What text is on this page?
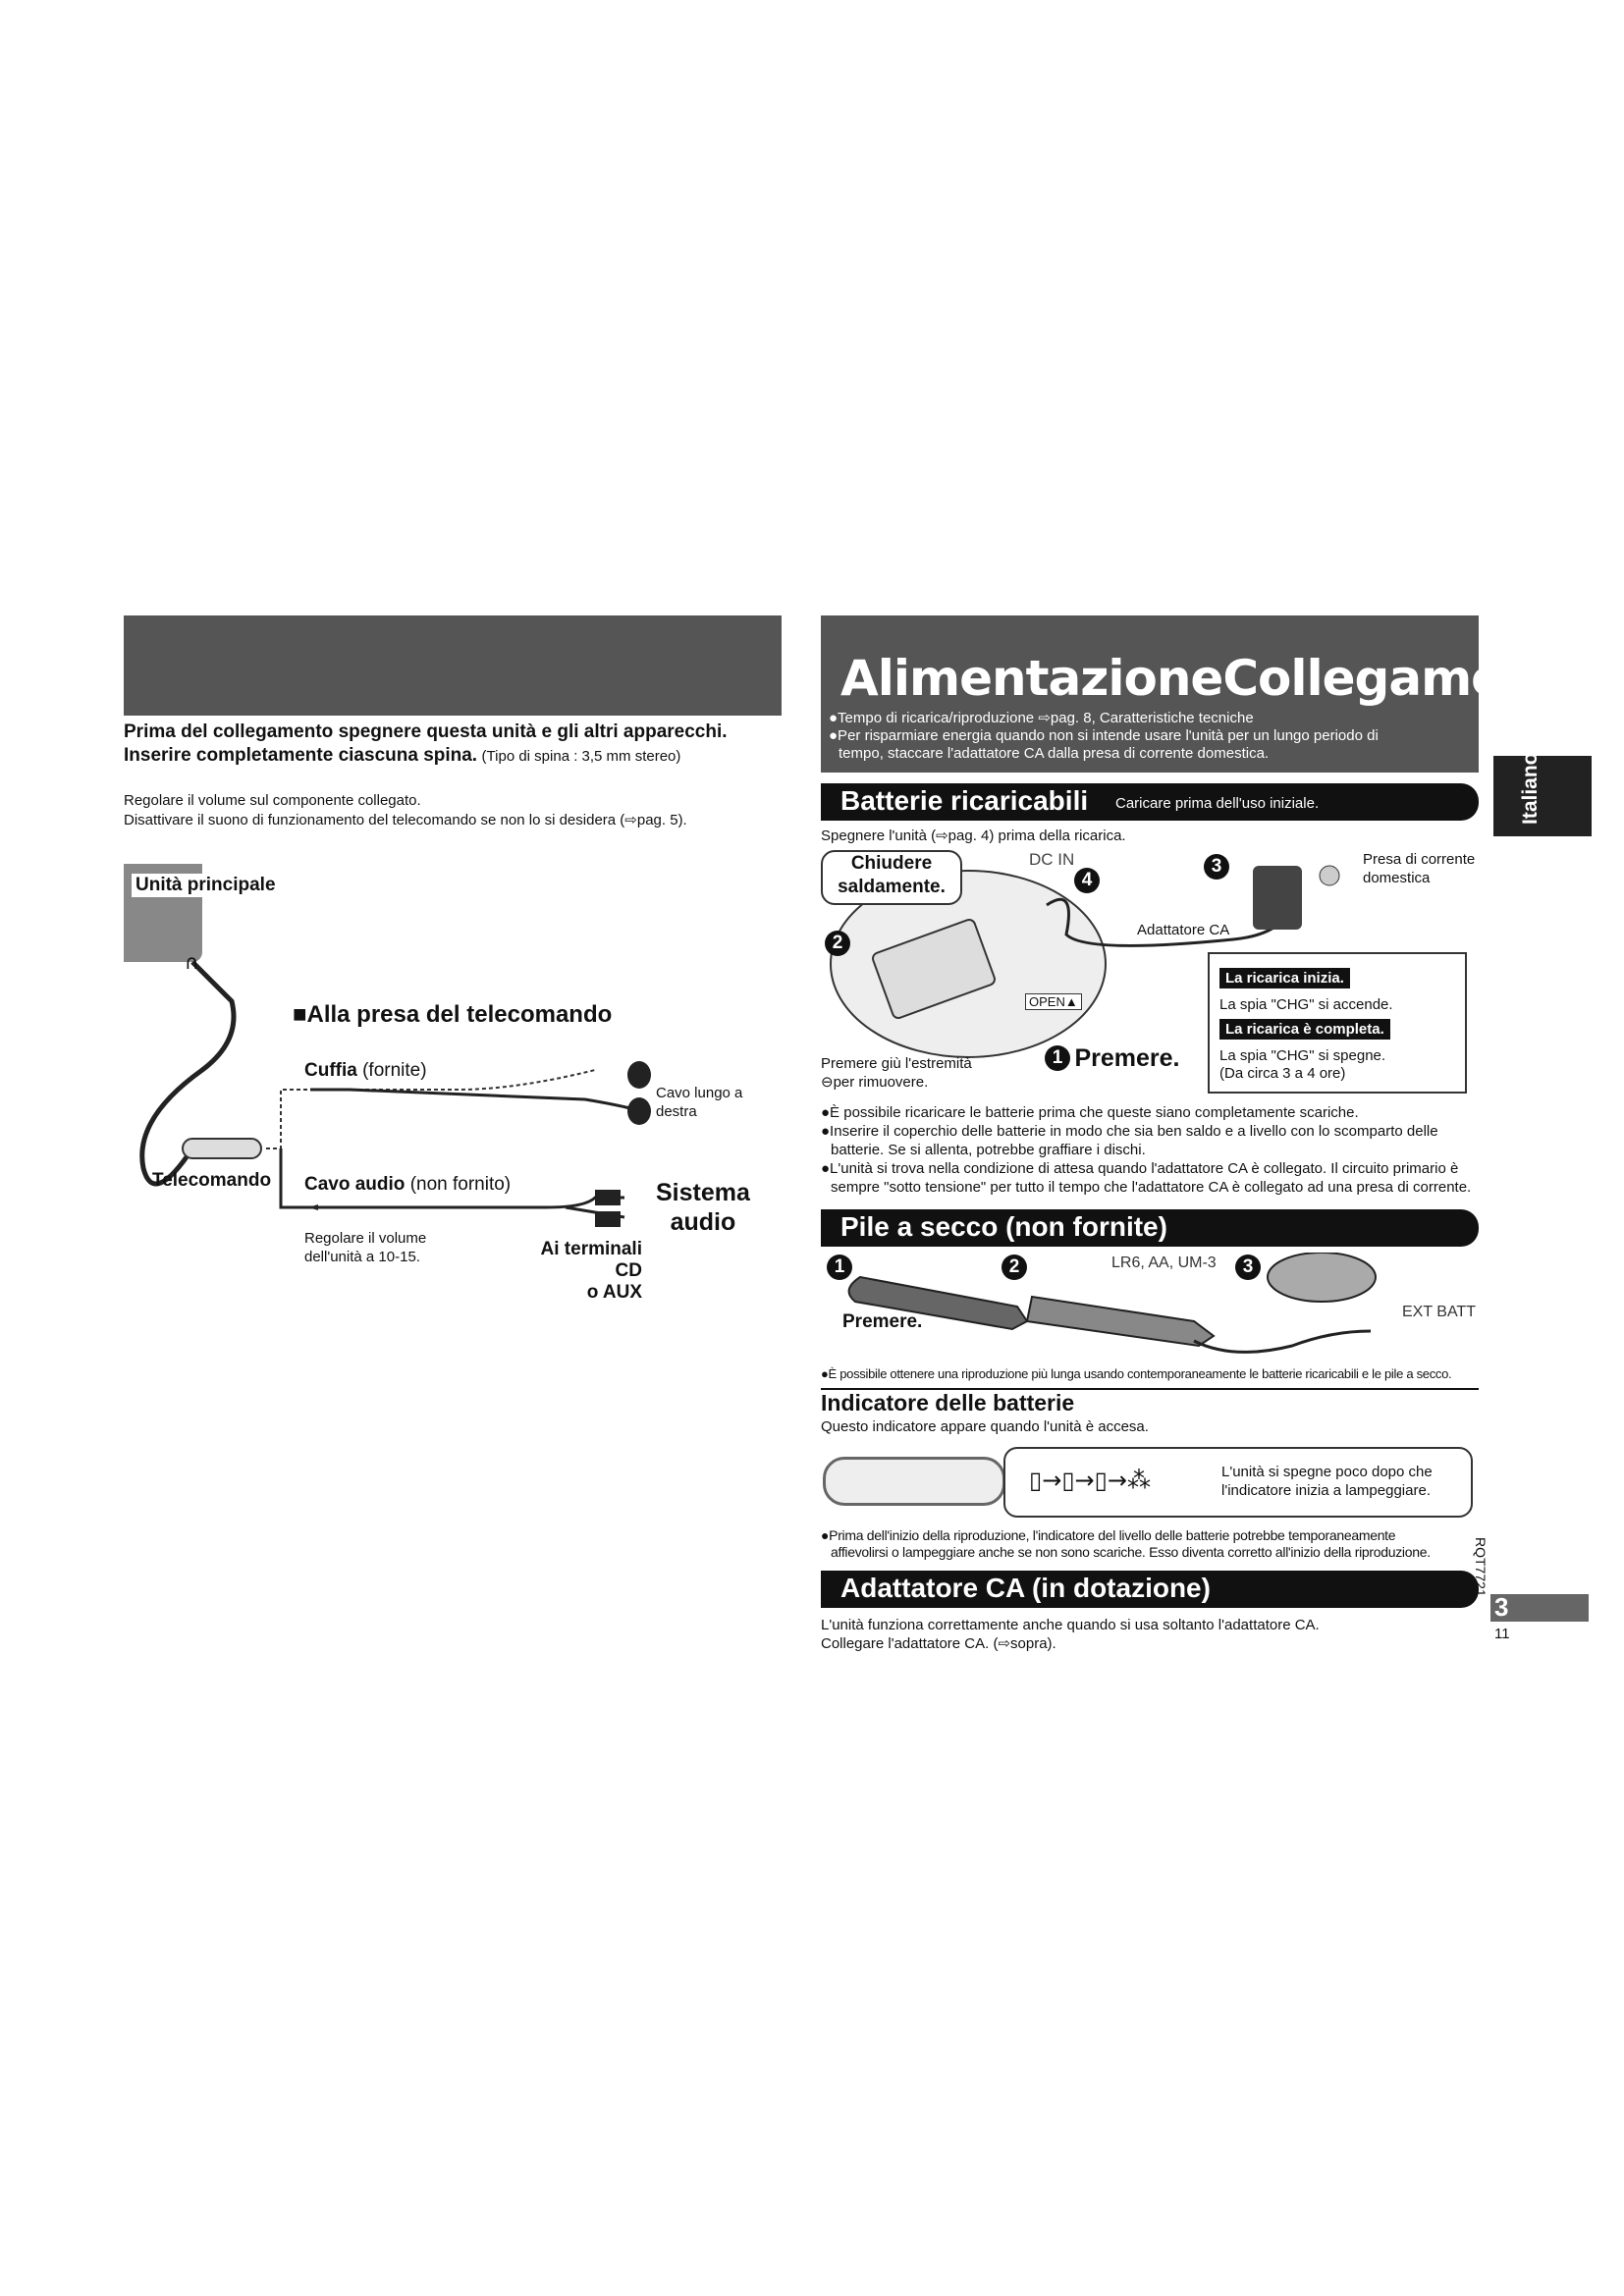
Prima del collegamento spegnere questa unità e gli altri apparecchi.
Inserire completamente ciascuna spina. (Tipo di spina : 3,5 mm stereo)
Regolare il volume sul componente collegato.
Disattivare il suono di funzionamento del telecomando se non lo si desidera (⇨pag. 5).
Unità principale
∩
■Alla presa del telecomando
Cuffia (fornite)
Cavo lungo a
destra
Telecomando Cavo audio (non fornito)	Sistema
audio
Regolare il volume
dell'unità a 10-15.	Ai terminali CD
o AUX
AlimentazioneCollegamenti
●Tempo di ricarica/riproduzione ⇨pag. 8, Caratteristiche tecniche
●Per risparmiare energia quando non si intende usare l'unità per un lungo periodo di
tempo, staccare l'adattatore CA dalla presa di corrente domestica.	Italiano
Batterie ricaricabili Caricare prima dell'uso iniziale.
Spegnere l'unità (⇨pag. 4) prima della ricarica.
Chiudere
saldamente.
DC IN
4
3
2
Presa di corrente
domestica
Adattatore CA
OPEN▲
Premere giù l'estremità
⊖per rimuovere.
1 Premere.
La ricarica inizia.
La spia "CHG" si accende.
La ricarica è completa.
La spia "CHG" si spegne.
(Da circa 3 a 4 ore)
●È possibile ricaricare le batterie prima che queste siano completamente scariche.
●Inserire il coperchio delle batterie in modo che sia ben saldo e a livello con lo scomparto delle
batterie. Se si allenta, potrebbe graffiare i dischi.
●L'unità si trova nella condizione di attesa quando l'adattatore CA è collegato. Il circuito primario è
sempre "sotto tensione" per tutto il tempo che l'adattatore CA è collegato ad una presa di corrente.
Pile a secco (non fornite)
1	2	3
LR6, AA, UM-3
Premere.	EXT BATT
●È possibile ottenere una riproduzione più lunga usando contemporaneamente le batterie ricaricabili e le pile a secco.
Indicatore delle batterie
Questo indicatore appare quando l'unità è accesa.
▯→▯→▯→⁂	L'unità si spegne poco dopo che
l'indicatore inizia a lampeggiare.
●Prima dell'inizio della riproduzione, l'indicatore del livello delle batterie potrebbe temporaneamente
affievolirsi o lampeggiare anche se non sono scariche. Esso diventa corretto all'inizio della riproduzione.
Adattatore CA (in dotazione)
L'unità funziona correttamente anche quando si usa soltanto l'adattatore CA.
Collegare l'adattatore CA. (⇨sopra).
RQT7721
3
11
